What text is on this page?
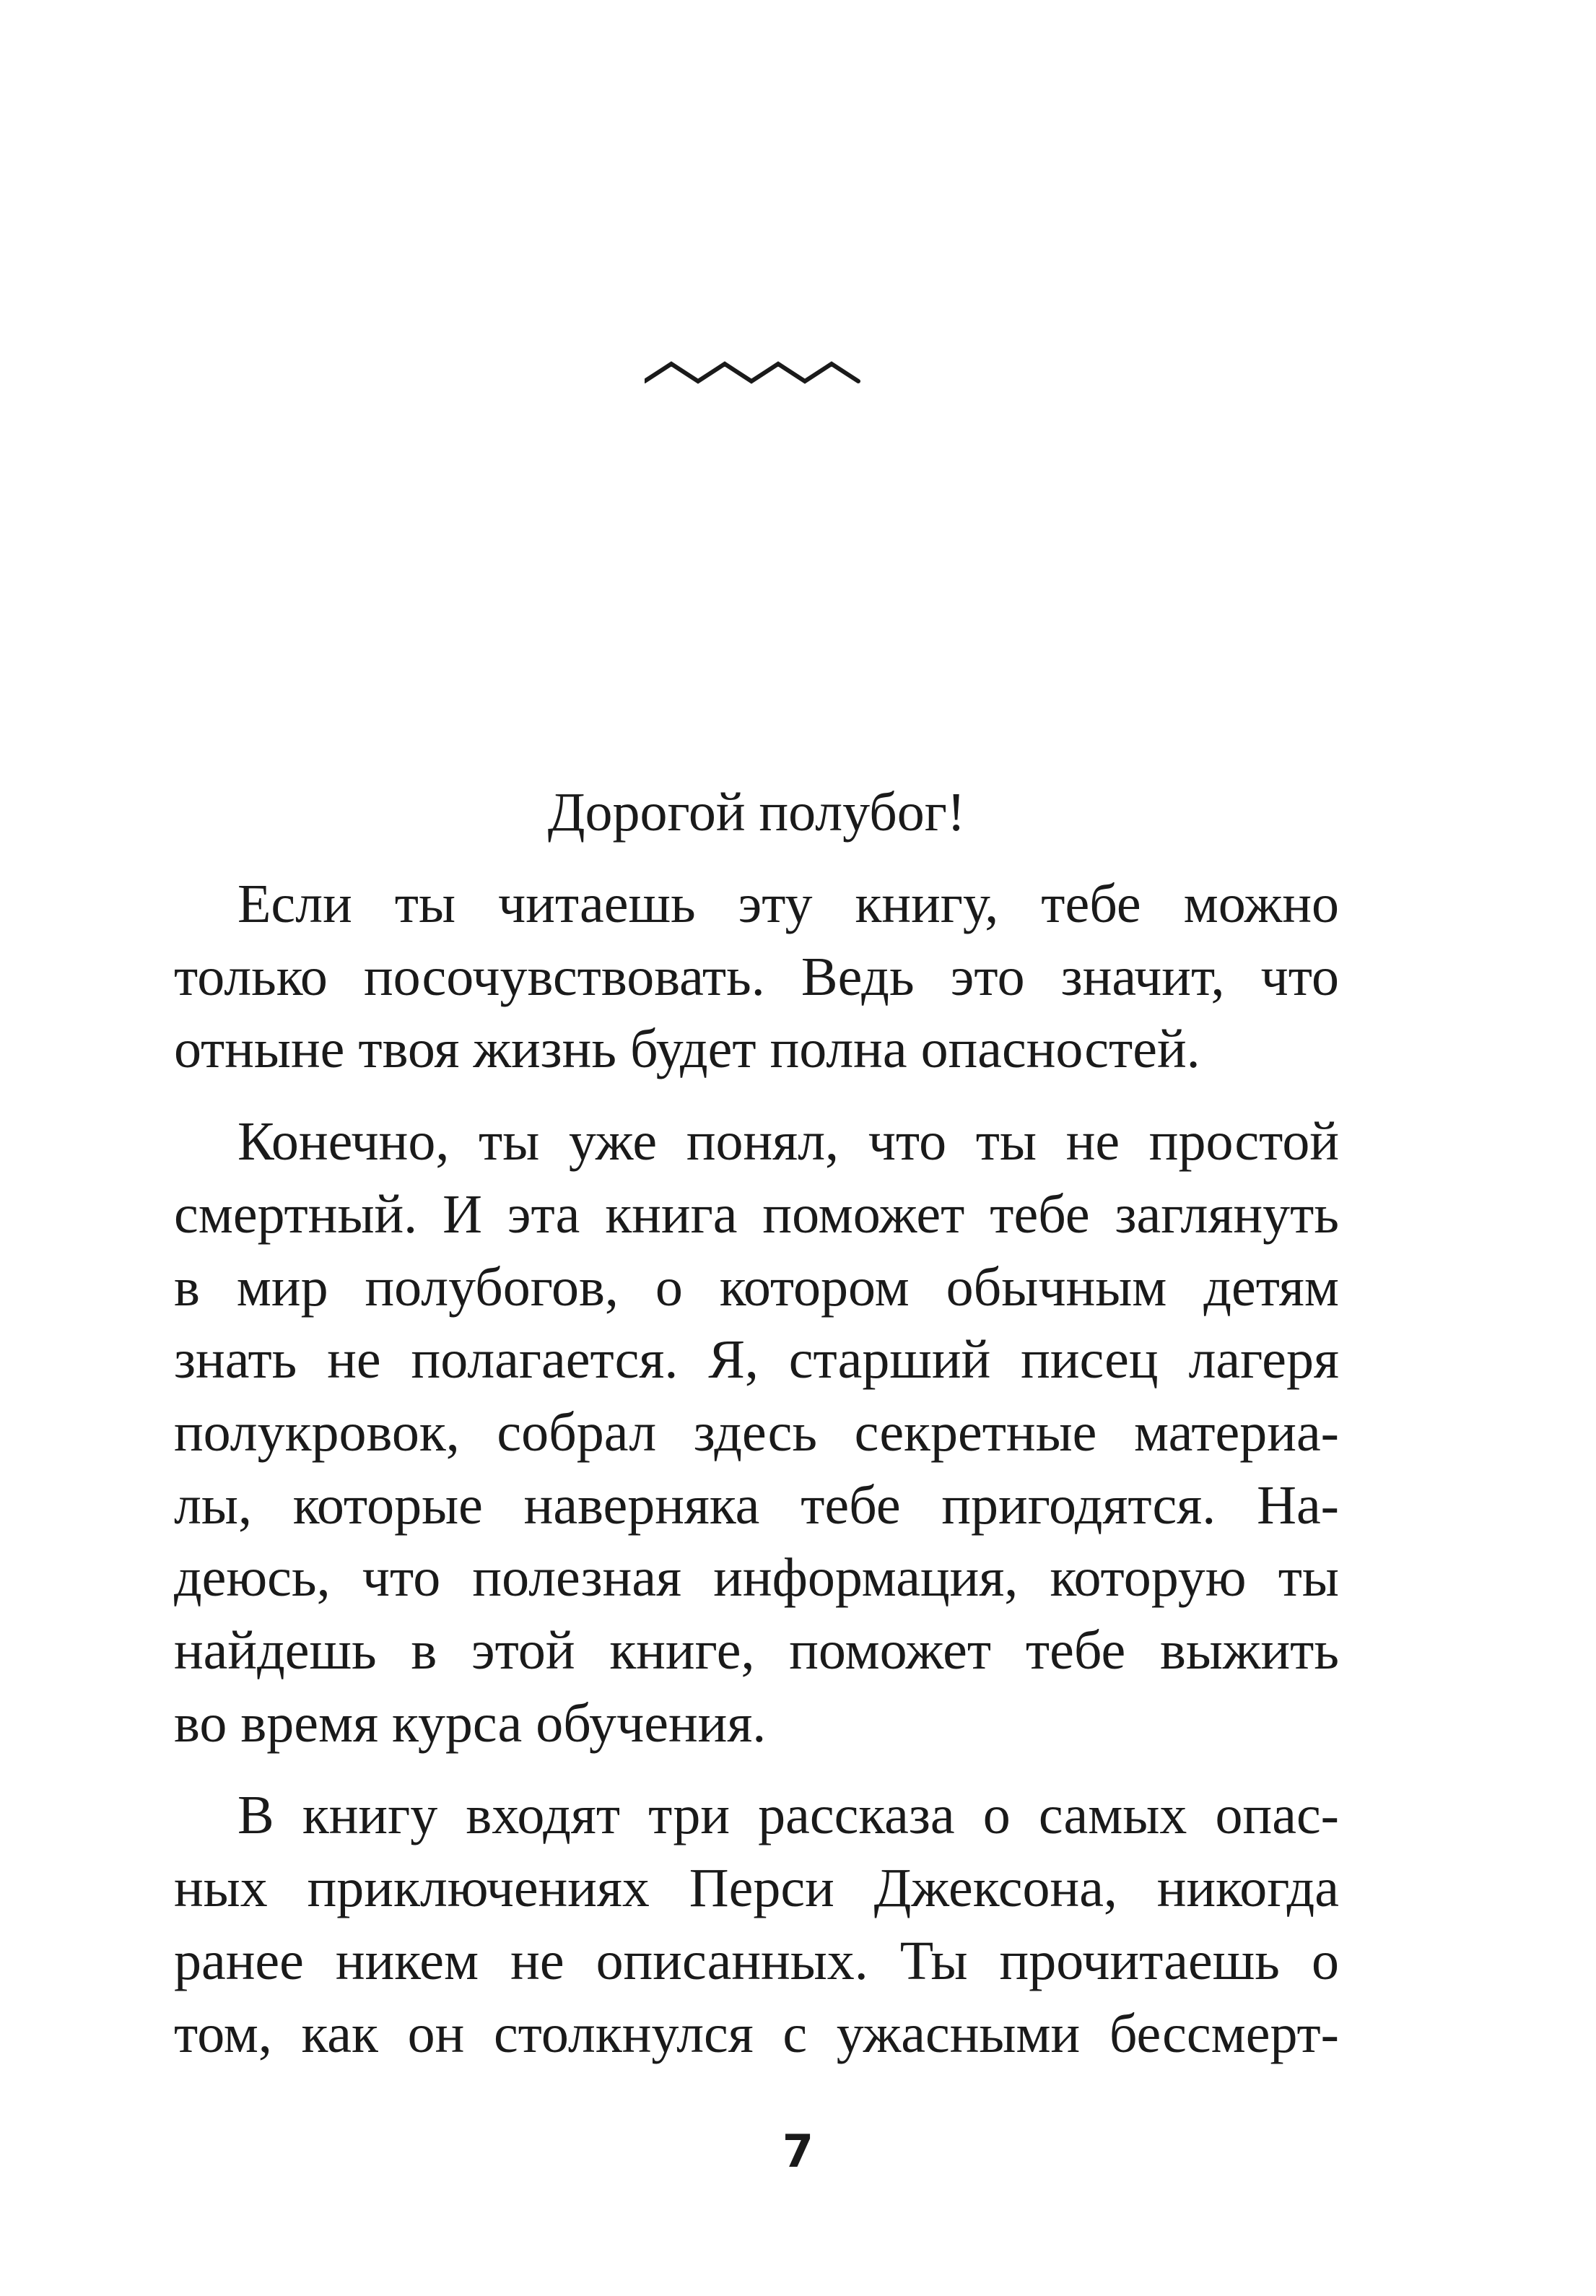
Дорогой полубог!
Если ты читаешь эту книгу, тебе можно
только посочувствовать. Ведь это значит, что
отныне твоя жизнь будет полна опасностей.
Конечно, ты уже понял, что ты не простой
смертный. И эта книга поможет тебе заглянуть
в мир полубогов, о котором обычным детям
знать не полагается. Я, старший писец лагеря
полукровок, собрал здесь секретные материа-
лы, которые наверняка тебе пригодятся. На-
деюсь, что полезная информация, которую ты
найдешь в этой книге, поможет тебе выжить
во время курса обучения.
В книгу входят три рассказа о самых опас-
ных приключениях Перси Джексона, никогда
ранее никем не описанных. Ты прочитаешь о
том, как он столкнулся с ужасными бессмерт-
7
